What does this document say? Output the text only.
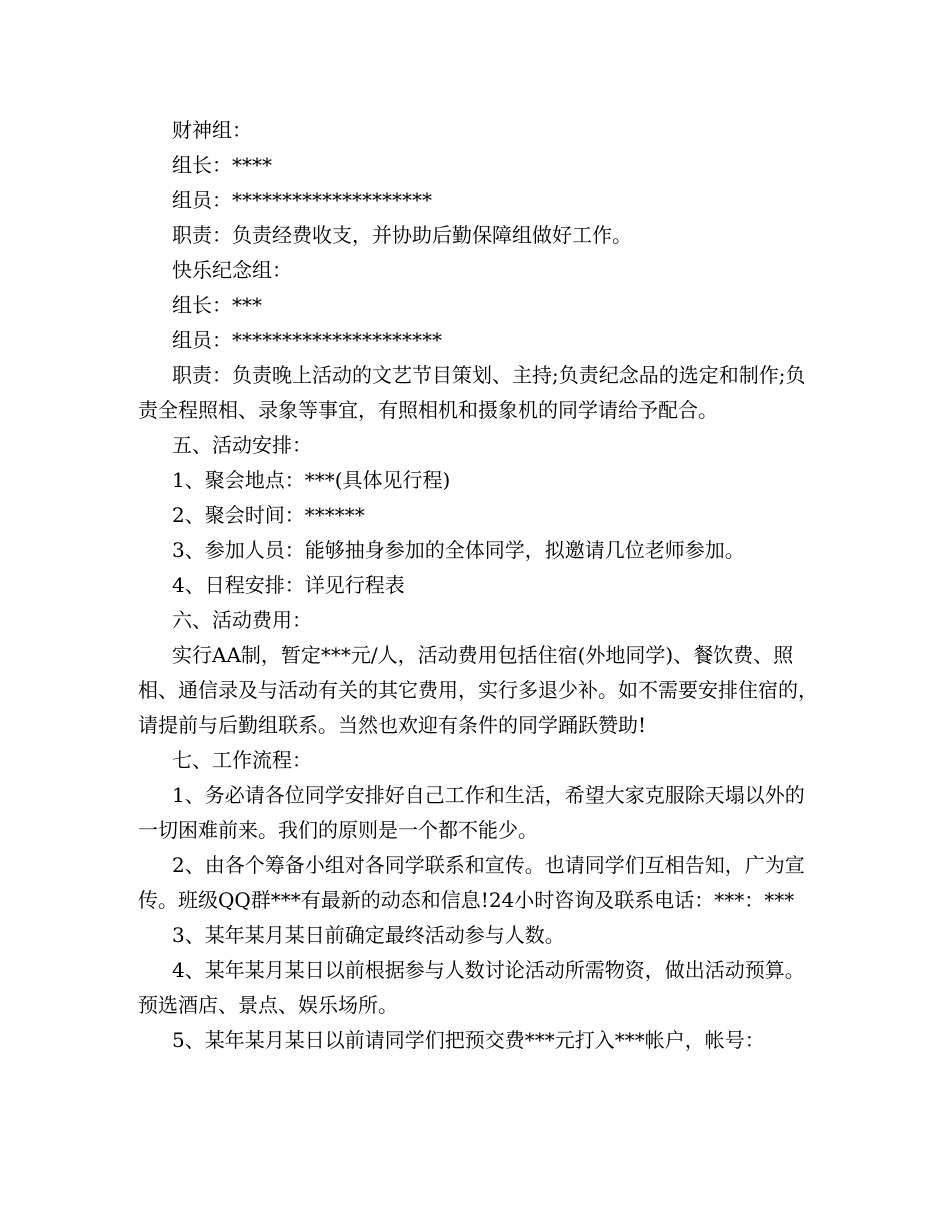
财神组：

组长：****

组员：********************

职责：负责经费收支，并协助后勤保障组做好工作。

快乐纪念组：

组长：***

组员：*********************

职责：负责晚上活动的文艺节目策划、主持;负责纪念品的选定和制作;负责全程照相、录象等事宜，有照相机和摄象机的同学请给予配合。

五、活动安排：

1、聚会地点：***(具体见行程)

2、聚会时间：******

3、参加人员：能够抽身参加的全体同学，拟邀请几位老师参加。

4、日程安排：详见行程表

六、活动费用：

实行AA制，暂定***元/人，活动费用包括住宿(外地同学)、餐饮费、照相、通信录及与活动有关的其它费用，实行多退少补。如不需要安排住宿的，请提前与后勤组联系。当然也欢迎有条件的同学踊跃赞助!

七、工作流程：

1、务必请各位同学安排好自己工作和生活，希望大家克服除天塌以外的一切困难前来。我们的原则是一个都不能少。

2、由各个筹备小组对各同学联系和宣传。也请同学们互相告知，广为宣传。班级QQ群***有最新的动态和信息!24小时咨询及联系电话：***：***

3、某年某月某日前确定最终活动参与人数。

4、某年某月某日以前根据参与人数讨论活动所需物资，做出活动预算。预选酒店、景点、娱乐场所。

5、某年某月某日以前请同学们把预交费***元打入***帐户，帐号：
